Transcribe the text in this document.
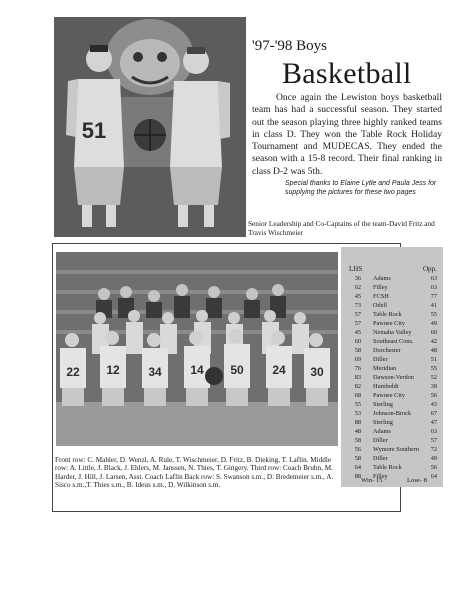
51
'97-'98 Boys
Basketball
Once again the Lewiston boys basketball team has had a successful season. They started out the season playing three highly ranked teams in class D. They won the Table Rock Holiday Tournament and MUDECAS. They ended the season with a 15-8 record. Their final ranking in class D-2 was 5th.
Special thanks to Elaine Lytle and Paula Jess for supplying the pictures for these two pages
Senior Leadership and Co-Captains of the team-David Fritz and Travis Wischmeier
22 12 34 14 50 24 30
Front row: C. Mahler, D. Wenzl, A. Rule, T. Wischmeier, D. Fritz, B. Dieking, T. Laflin. Middle row: A. Little, J. Black, J. Ehlers, M. Janssen, N. Thies, T. Gingery. Third row: Coach Bruhn, M. Harder, J. Hill, J. Larsen, Asst. Coach Laflin Back row: S. Swanson s.m., D. Bredemeier s.m., A. Sisco s.m.,T. Thies s.m., B. Ideus s.m., D. Wilkinson s.m.
LHS	Opp.
36 Adams	63
62 Filley	63
45 FCSH	77
73 Odell	41
57 Table Rock	55
57 Pawnee City	49
45 Nemaha Valley	60
60 Southeast Cons.	42
58 Dorchester	48
69 Diller	51
76 Meridian	55
83 Dawson-Verdon	52
82 Humboldt	39
68 Pawnee City	56
55 Sterling	43
53 Johnson-Brock	67
88 Sterling	47
48 Adams	63
58 Diller	57
56 Wymore Southern	72
58 Diller	49
64 Table Rock	56
88 Filley	64
Win- 15	Lose- 8
